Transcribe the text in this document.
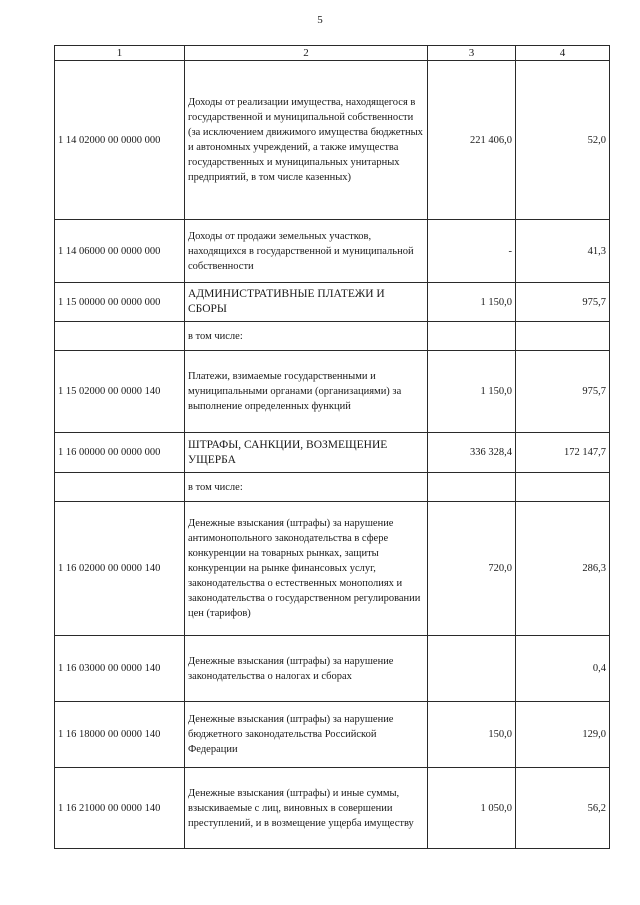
5
1	2	3	4
1 14 02000 00 0000 000	Доходы от реализации имущества, находящегося в государственной и муниципальной собственности (за исключением движимого имущества бюджетных и автономных учреждений, а также имущества государственных и муниципальных унитарных предприятий, в том числе казенных)	221 406,0	52,0
1 14 06000 00 0000 000	Доходы от продажи земельных участков, находящихся в государственной и муниципальной собственности	-	41,3
1 15 00000 00 0000 000	АДМИНИСТРАТИВНЫЕ ПЛАТЕЖИ И СБОРЫ	1 150,0	975,7
	в том числе:		
1 15 02000 00 0000 140	Платежи, взимаемые государственными и муниципальными органами (организациями) за выполнение определенных функций	1 150,0	975,7
1 16 00000 00 0000 000	ШТРАФЫ, САНКЦИИ, ВОЗМЕЩЕНИЕ УЩЕРБА	336 328,4	172 147,7
	в том числе:		
1 16 02000 00 0000 140	Денежные взыскания (штрафы) за нарушение антимонопольного законодательства в сфере конкуренции на товарных рынках, защиты конкуренции на рынке финансовых услуг, законодательства о естественных монополиях и законодательства о государственном регулировании цен (тарифов)	720,0	286,3
1 16 03000 00 0000 140	Денежные взыскания (штрафы) за нарушение законодательства о налогах и сборах		0,4
1 16 18000 00 0000 140	Денежные взыскания (штрафы) за нарушение бюджетного законодательства Российской Федерации	150,0	129,0
1 16 21000 00 0000 140	Денежные взыскания (штрафы) и иные суммы, взыскиваемые с лиц, виновных в совершении преступлений, и в возмещение ущерба имуществу	1 050,0	56,2
